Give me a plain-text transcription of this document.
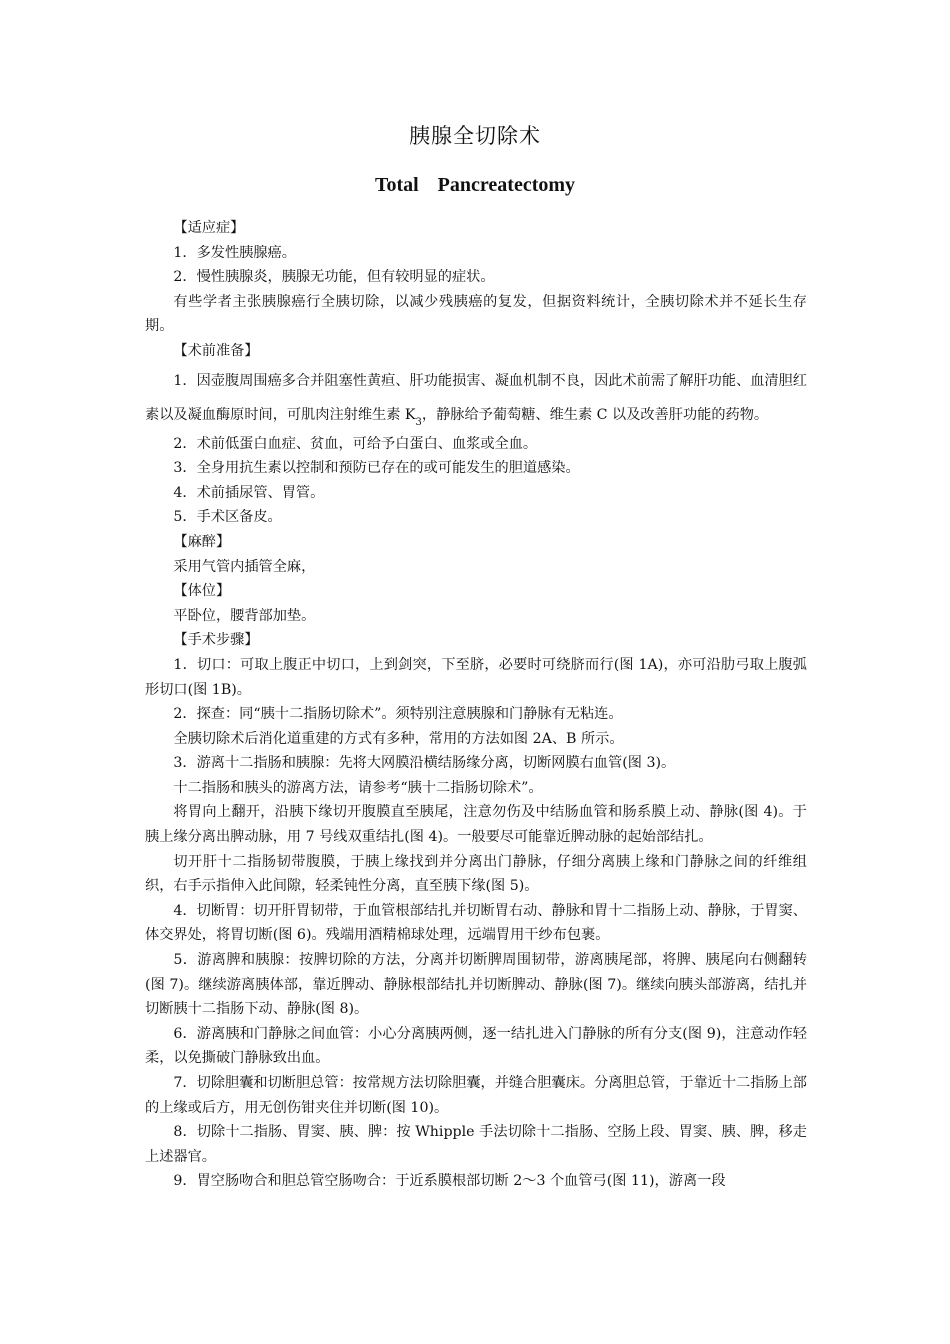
胰腺全切除术
Total Pancreatectomy

【适应症】

1．多发性胰腺癌。

2．慢性胰腺炎，胰腺无功能，但有较明显的症状。

有些学者主张胰腺癌行全胰切除，以减少残胰癌的复发，但据资料统计，全胰切除术并不延长生存期。

【术前准备】

1．因壶腹周围癌多合并阻塞性黄疸、肝功能损害、凝血机制不良，因此术前需了解肝功能、血清胆红素以及凝血酶原时间，可肌肉注射维生素 $K_3$，静脉给予葡萄糖、维生素 C 以及改善肝功能的药物。

2．术前低蛋白血症、贫血，可给予白蛋白、血浆或全血。

3．全身用抗生素以控制和预防已存在的或可能发生的胆道感染。

4．术前插尿管、胃管。

5．手术区备皮。

【麻醉】

采用气管内插管全麻，

【体位】

平卧位，腰背部加垫。

【手术步骤】

1．切口：可取上腹正中切口，上到剑突，下至脐，必要时可绕脐而行(图 1A)，亦可沿肋弓取上腹弧形切口(图 1B)。

2．探查：同“胰十二指肠切除术”。须特别注意胰腺和门静脉有无粘连。

全胰切除术后消化道重建的方式有多种，常用的方法如图 2A、B 所示。

3．游离十二指肠和胰腺：先将大网膜沿横结肠缘分离，切断网膜右血管(图 3)。

十二指肠和胰头的游离方法，请参考“胰十二指肠切除术”。

将胃向上翻开，沿胰下缘切开腹膜直至胰尾，注意勿伤及中结肠血管和肠系膜上动、静脉(图 4)。于胰上缘分离出脾动脉，用 7 号线双重结扎(图 4)。一般要尽可能靠近脾动脉的起始部结扎。

切开肝十二指肠韧带腹膜，于胰上缘找到并分离出门静脉，仔细分离胰上缘和门静脉之间的纤维组织，右手示指伸入此间隙，轻柔钝性分离，直至胰下缘(图 5)。

4．切断胃：切开肝胃韧带，于血管根部结扎并切断胃右动、静脉和胃十二指肠上动、静脉，于胃窦、体交界处，将胃切断(图 6)。残端用酒精棉球处理，远端胃用干纱布包裹。

5．游离脾和胰腺：按脾切除的方法，分离并切断脾周围韧带，游离胰尾部，将脾、胰尾向右侧翻转(图 7)。继续游离胰体部，靠近脾动、静脉根部结扎并切断脾动、静脉(图 7)。继续向胰头部游离，结扎并切断胰十二指肠下动、静脉(图 8)。

6．游离胰和门静脉之间血管：小心分离胰两侧，逐一结扎进入门静脉的所有分支(图 9)，注意动作轻柔，以免撕破门静脉致出血。

7．切除胆囊和切断胆总管：按常规方法切除胆囊，并缝合胆囊床。分离胆总管，于靠近十二指肠上部的上缘或后方，用无创伤钳夹住并切断(图 10)。

8．切除十二指肠、胃窦、胰、脾：按 Whipple 手法切除十二指肠、空肠上段、胃窦、胰、脾，移走上述器官。

9．胃空肠吻合和胆总管空肠吻合：于近系膜根部切断 2～3 个血管弓(图 11)，游离一段
